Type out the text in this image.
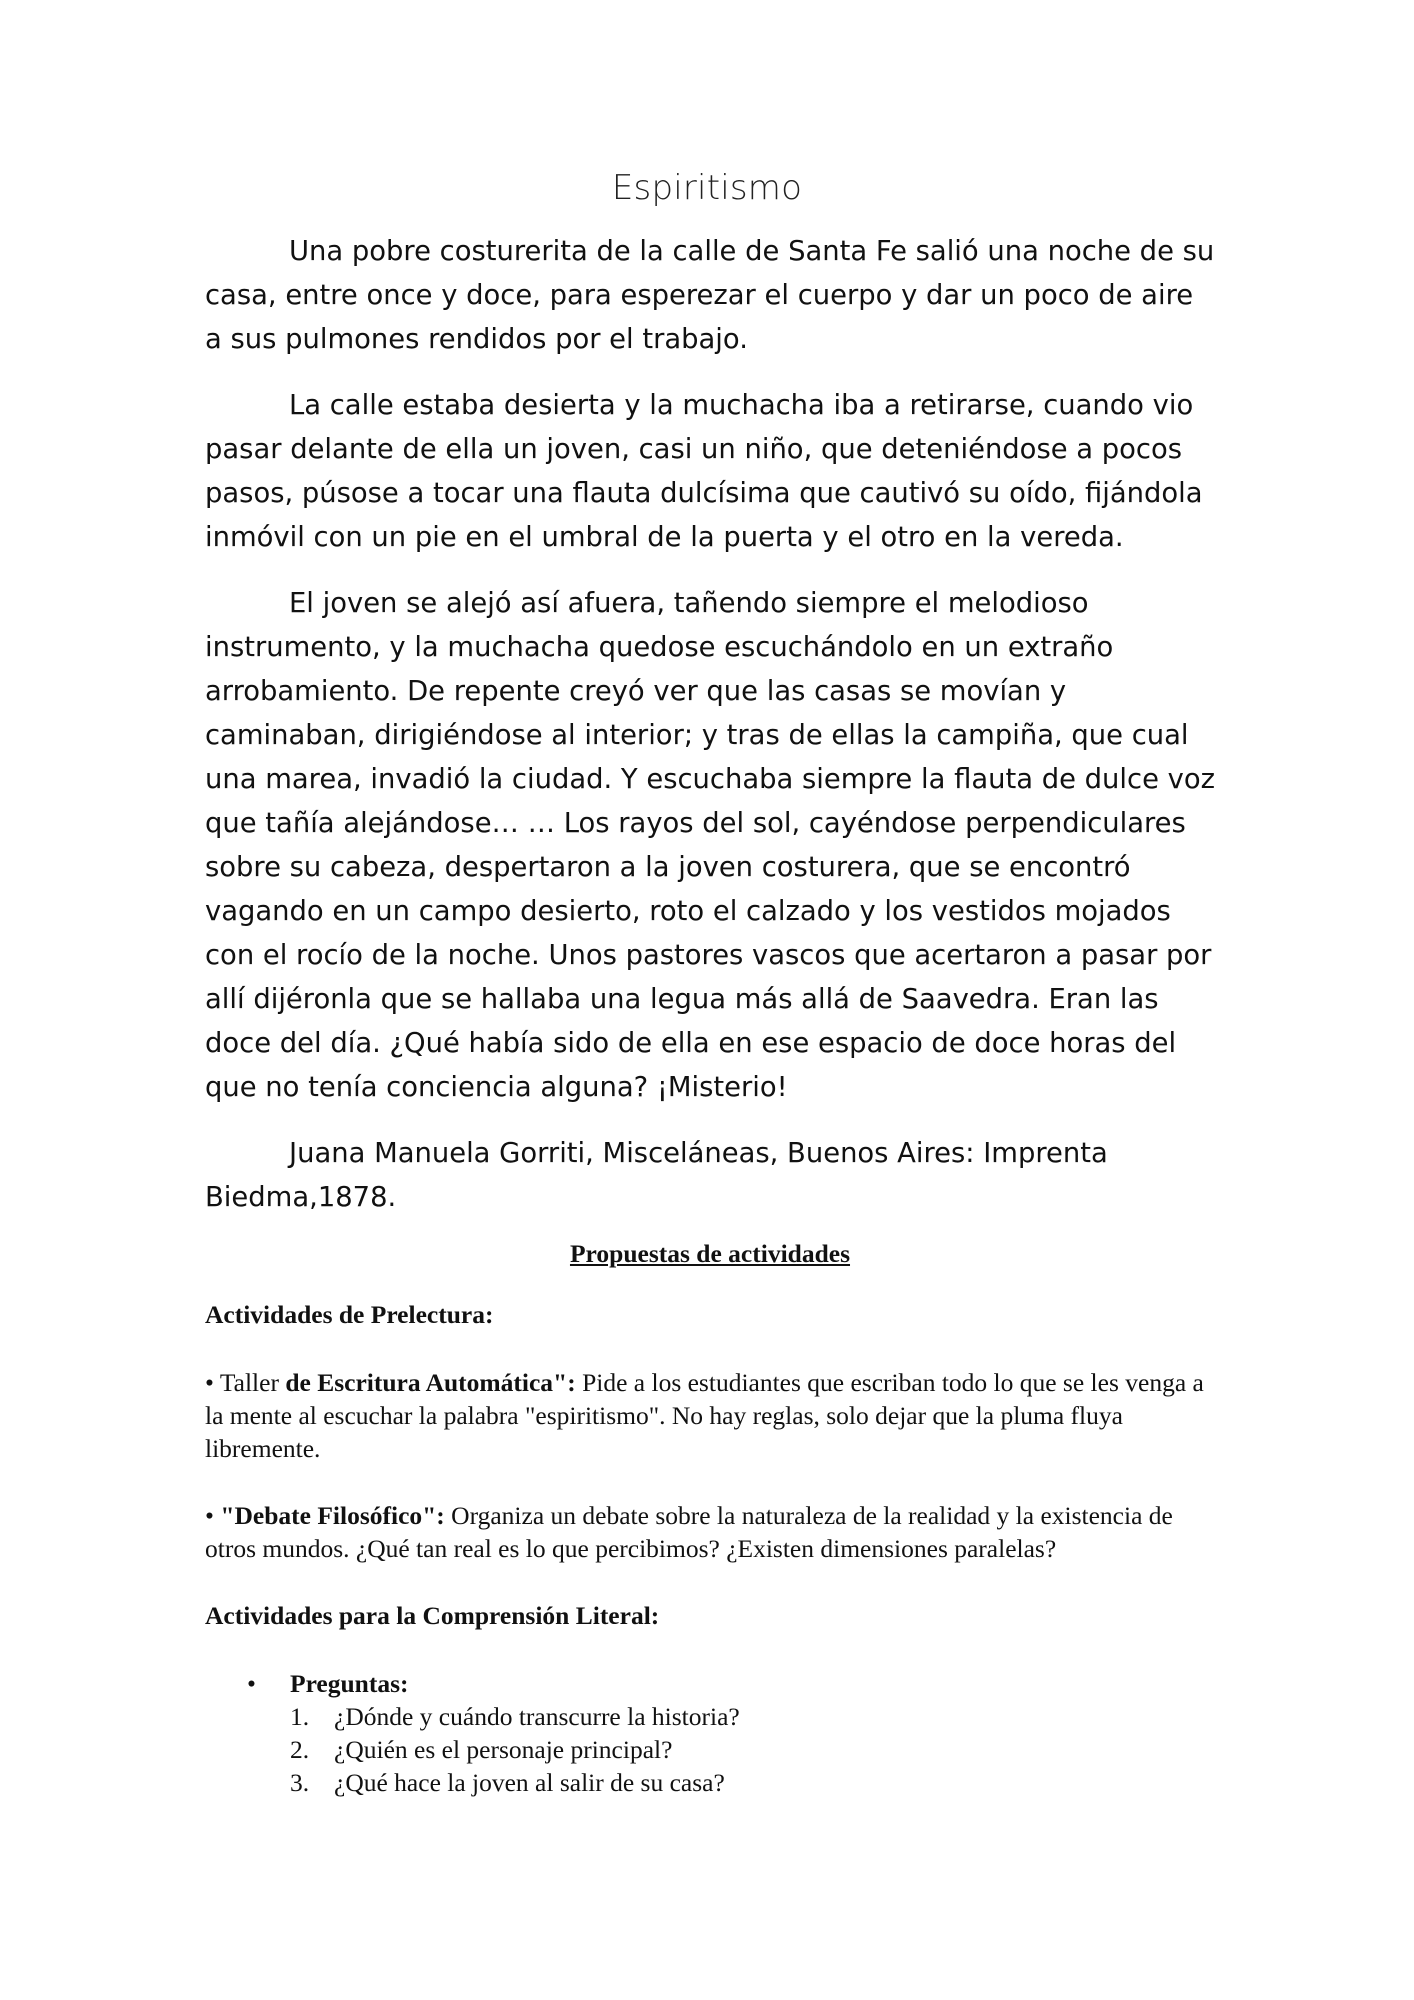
Espiritismo

Una pobre costurerita de la calle de Santa Fe salió una noche de su casa, entre once y doce, para esperezar el cuerpo y dar un poco de aire a sus pulmones rendidos por el trabajo.

La calle estaba desierta y la muchacha iba a retirarse, cuando vio pasar delante de ella un joven, casi un niño, que deteniéndose a pocos pasos, púsose a tocar una flauta dulcísima que cautivó su oído, fijándola inmóvil con un pie en el umbral de la puerta y el otro en la vereda.

El joven se alejó así afuera, tañendo siempre el melodioso instrumento, y la muchacha quedose escuchándolo en un extraño arrobamiento. De repente creyó ver que las casas se movían y caminaban, dirigiéndose al interior; y tras de ellas la campiña, que cual una marea, invadió la ciudad. Y escuchaba siempre la flauta de dulce voz que tañía alejándose… … Los rayos del sol, cayéndose perpendiculares sobre su cabeza, despertaron a la joven costurera, que se encontró vagando en un campo desierto, roto el calzado y los vestidos mojados con el rocío de la noche. Unos pastores vascos que acertaron a pasar por allí dijéronla que se hallaba una legua más allá de Saavedra. Eran las doce del día. ¿Qué había sido de ella en ese espacio de doce horas del que no tenía conciencia alguna? ¡Misterio!

Juana Manuela Gorriti, Misceláneas, Buenos Aires: Imprenta Biedma,1878.

Propuestas de actividades
Actividades de Prelectura:
• Taller de Escritura Automática": Pide a los estudiantes que escriban todo lo que se les venga a la mente al escuchar la palabra "espiritismo". No hay reglas, solo dejar que la pluma fluya libremente.
• "Debate Filosófico": Organiza un debate sobre la naturaleza de la realidad y la existencia de otros mundos. ¿Qué tan real es lo que percibimos? ¿Existen dimensiones paralelas?
Actividades para la Comprensión Literal:
• Preguntas:
1. ¿Dónde y cuándo transcurre la historia?
2. ¿Quién es el personaje principal?
3. ¿Qué hace la joven al salir de su casa?
